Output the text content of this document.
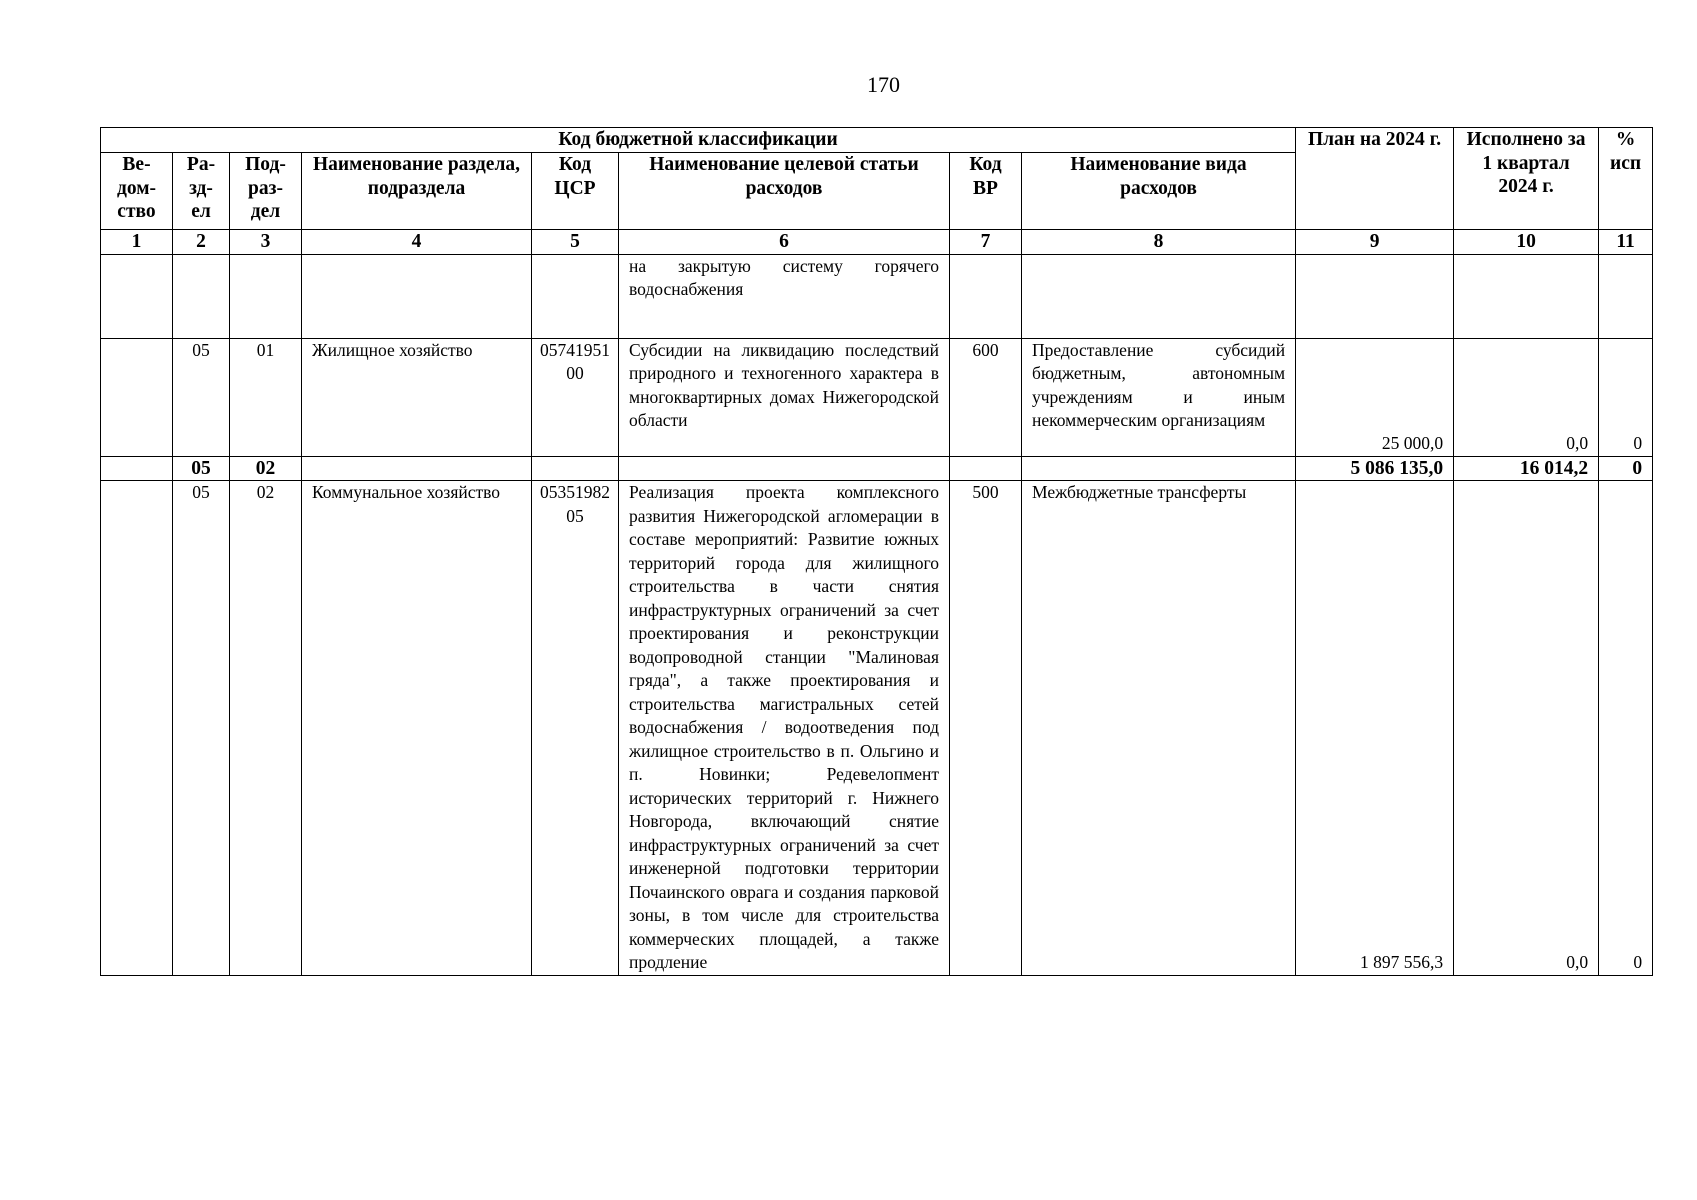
170
Код бюджетной классификации								План на 2024 г.	Исполнено за 1 квартал 2024 г.	% исп
Ве-дом-ство	Ра-зд-ел	Под-раз-дел	Наименование раздела, подраздела	Код ЦСР	Наименование целевой статьи расходов	Код ВР	Наименование вида расходов			
1	2	3	4	5	6	7	8	9	10	11
					на закрытую систему горячего водоснабжения					
	05	01	Жилищное хозяйство	0574195100	Субсидии на ликвидацию последствий природного и техногенного характера в многоквартирных домах Нижегородской области	600	Предоставление субсидий бюджетным, автономным учреждениям и иным некоммерческим организациям	25 000,0	0,0	0
	05	02						5 086 135,0	16 014,2	0
	05	02	Коммунальное хозяйство	0535198205	Реализация проекта комплексного развития Нижегородской агломерации в составе мероприятий: Развитие южных территорий города для жилищного строительства в части снятия инфраструктурных ограничений за счет проектирования и реконструкции водопроводной станции "Малиновая гряда", а также проектирования и строительства магистральных сетей водоснабжения / водоотведения под жилищное строительство в п. Ольгино и п. Новинки; Редевелопмент исторических территорий г. Нижнего Новгорода, включающий снятие инфраструктурных ограничений за счет инженерной подготовки территории Почаинского оврага и создания парковой зоны, в том числе для строительства коммерческих площадей, а также продление	500	Межбюджетные трансферты	1 897 556,3	0,0	0
